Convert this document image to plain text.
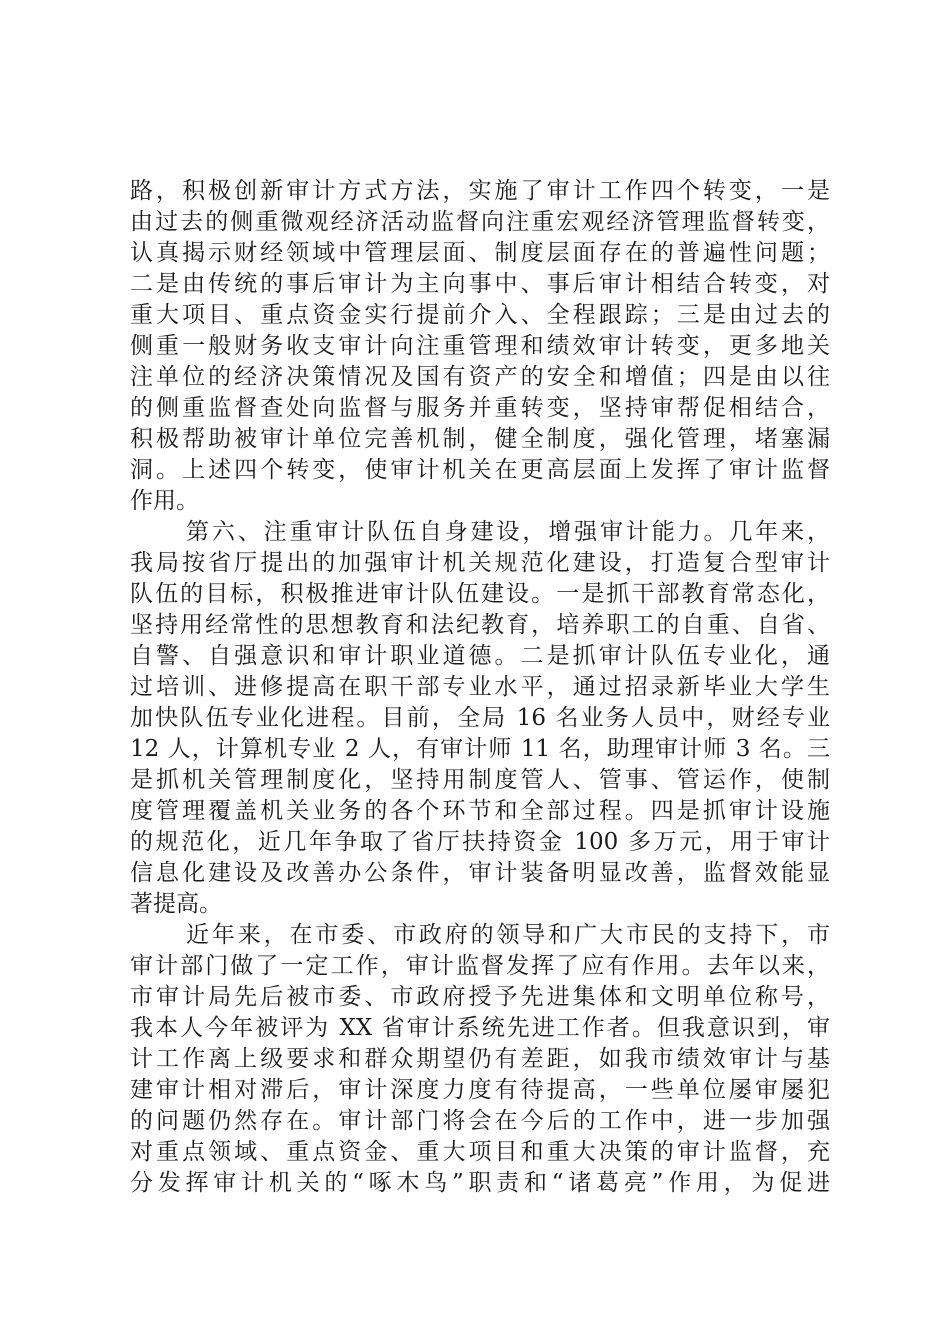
路，积极创新审计方式方法，实施了审计工作四个转变，一是
由过去的侧重微观经济活动监督向注重宏观经济管理监督转变，
认真揭示财经领域中管理层面、制度层面存在的普遍性问题；
二是由传统的事后审计为主向事中、事后审计相结合转变，对
重大项目、重点资金实行提前介入、全程跟踪；三是由过去的
侧重一般财务收支审计向注重管理和绩效审计转变，更多地关
注单位的经济决策情况及国有资产的安全和增值；四是由以往
的侧重监督查处向监督与服务并重转变，坚持审帮促相结合，
积极帮助被审计单位完善机制，健全制度，强化管理，堵塞漏
洞。上述四个转变，使审计机关在更高层面上发挥了审计监督
作用。
第六、注重审计队伍自身建设，增强审计能力。几年来，
我局按省厅提出的加强审计机关规范化建设，打造复合型审计
队伍的目标，积极推进审计队伍建设。一是抓干部教育常态化，
坚持用经常性的思想教育和法纪教育，培养职工的自重、自省、
自警、自强意识和审计职业道德。二是抓审计队伍专业化，通
过培训、进修提高在职干部专业水平，通过招录新毕业大学生
加快队伍专业化进程。目前，全局 16 名业务人员中，财经专业
12 人，计算机专业 2 人，有审计师 11 名，助理审计师 3 名。三
是抓机关管理制度化，坚持用制度管人、管事、管运作，使制
度管理覆盖机关业务的各个环节和全部过程。四是抓审计设施
的规范化，近几年争取了省厅扶持资金 100 多万元，用于审计
信息化建设及改善办公条件，审计装备明显改善，监督效能显
著提高。
近年来，在市委、市政府的领导和广大市民的支持下，市
审计部门做了一定工作，审计监督发挥了应有作用。去年以来，
市审计局先后被市委、市政府授予先进集体和文明单位称号，
我本人今年被评为 XX 省审计系统先进工作者。但我意识到，审
计工作离上级要求和群众期望仍有差距，如我市绩效审计与基
建审计相对滞后，审计深度力度有待提高，一些单位屡审屡犯
的问题仍然存在。审计部门将会在今后的工作中，进一步加强
对重点领域、重点资金、重大项目和重大决策的审计监督，充
分发挥审计机关的“啄木鸟”职责和“诸葛亮”作用，为促进
